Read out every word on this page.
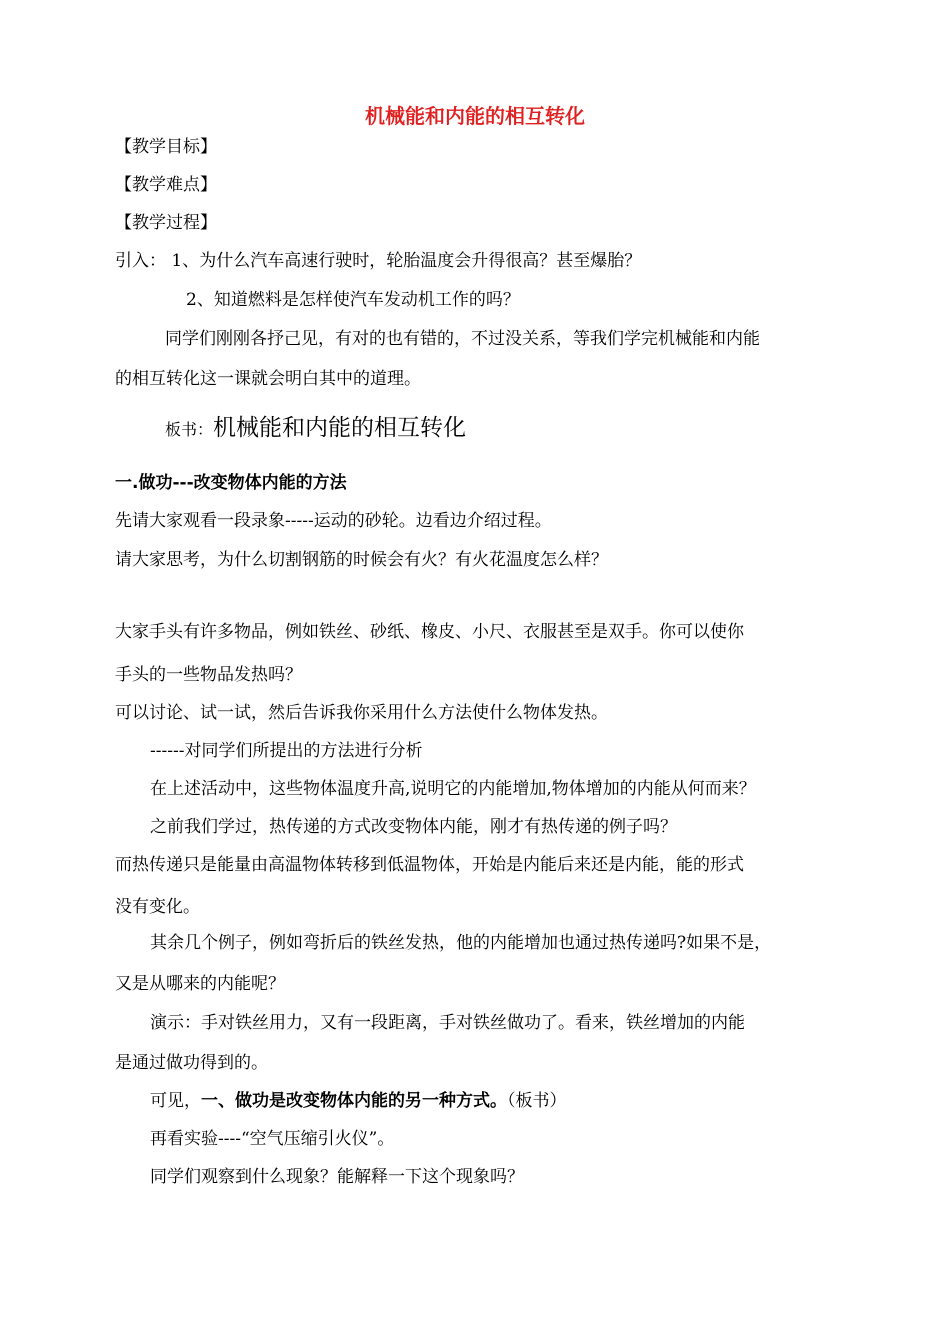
机械能和内能的相互转化
【教学目标】
【教学难点】
【教学过程】
引入： 1、为什么汽车高速行驶时，轮胎温度会升得很高？甚至爆胎？
2、知道燃料是怎样使汽车发动机工作的吗？
同学们刚刚各抒己见，有对的也有错的，不过没关系，等我们学完机械能和内能
的相互转化这一课就会明白其中的道理。
板书：机械能和内能的相互转化
一.做功---改变物体内能的方法
先请大家观看一段录象-----运动的砂轮。边看边介绍过程。
请大家思考，为什么切割钢筋的时候会有火？有火花温度怎么样？
大家手头有许多物品，例如铁丝、砂纸、橡皮、小尺、衣服甚至是双手。你可以使你
手头的一些物品发热吗？
可以讨论、试一试，然后告诉我你采用什么方法使什么物体发热。
------对同学们所提出的方法进行分析
在上述活动中，这些物体温度升高,说明它的内能增加,物体增加的内能从何而来？
之前我们学过，热传递的方式改变物体内能，刚才有热传递的例子吗？
而热传递只是能量由高温物体转移到低温物体，开始是内能后来还是内能，能的形式
没有变化。
其余几个例子，例如弯折后的铁丝发热，他的内能增加也通过热传递吗?如果不是，
又是从哪来的内能呢？
演示：手对铁丝用力，又有一段距离，手对铁丝做功了。看来，铁丝增加的内能
是通过做功得到的。
可见，一、做功是改变物体内能的另一种方式。（板书）
再看实验----“空气压缩引火仪”。
同学们观察到什么现象？能解释一下这个现象吗？
